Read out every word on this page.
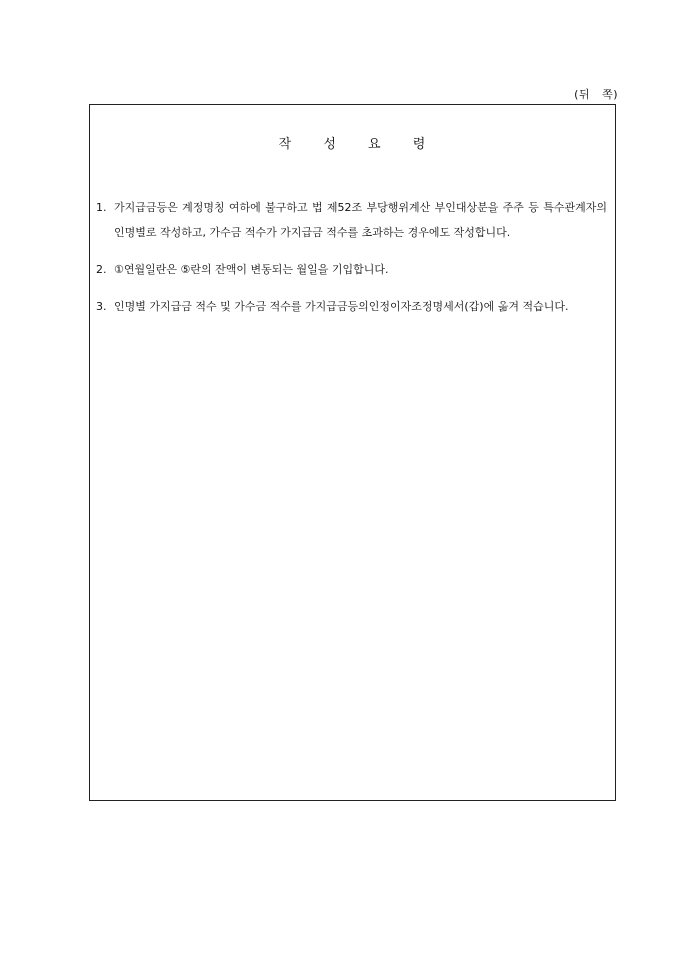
(뒤 쪽)
작 성 요 령
1. 가지급금등은 계정명칭 여하에 불구하고 법 제52조 부당행위계산 부인대상분을 주주 등 특수관계자의 인명별로 작성하고, 가수금 적수가 가지급금 적수를 초과하는 경우에도 작성합니다.
2. ①연월일란은 ⑤란의 잔액이 변동되는 월일을 기입합니다.
3. 인명별 가지급금 적수 및 가수금 적수를 가지급금등의인정이자조정명세서(갑)에 옮겨 적습니다.
